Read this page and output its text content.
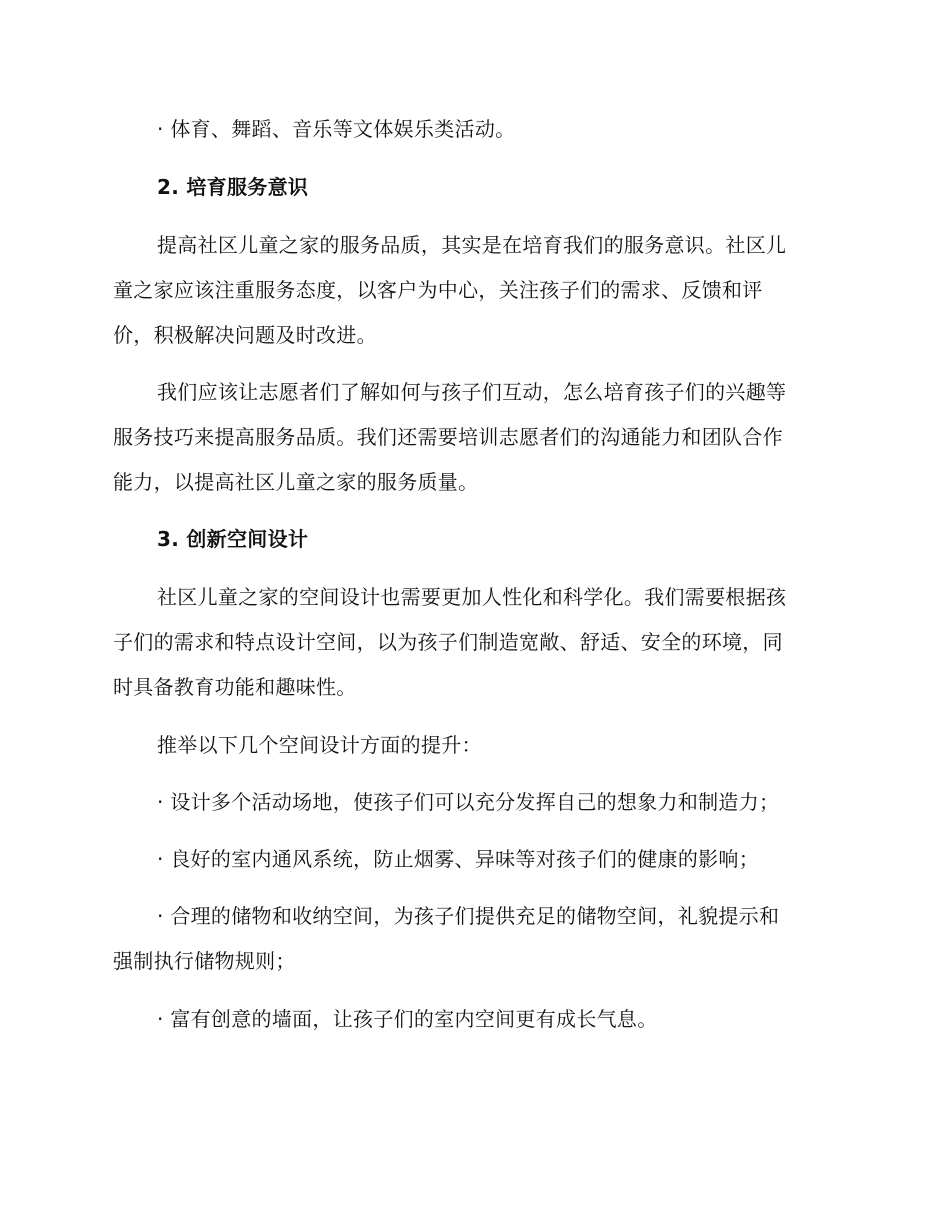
· 体育、舞蹈、音乐等文体娱乐类活动。
2. 培育服务意识
提高社区儿童之家的服务品质，其实是在培育我们的服务意识。社区儿
童之家应该注重服务态度，以客户为中心，关注孩子们的需求、反馈和评
价，积极解决问题及时改进。
我们应该让志愿者们了解如何与孩子们互动，怎么培育孩子们的兴趣等
服务技巧来提高服务品质。我们还需要培训志愿者们的沟通能力和团队合作
能力，以提高社区儿童之家的服务质量。
3. 创新空间设计
社区儿童之家的空间设计也需要更加人性化和科学化。我们需要根据孩
子们的需求和特点设计空间，以为孩子们制造宽敞、舒适、安全的环境，同
时具备教育功能和趣味性。
推举以下几个空间设计方面的提升：
· 设计多个活动场地，使孩子们可以充分发挥自己的想象力和制造力；
· 良好的室内通风系统，防止烟雾、异味等对孩子们的健康的影响；
· 合理的储物和收纳空间，为孩子们提供充足的储物空间，礼貌提示和
强制执行储物规则；
· 富有创意的墙面，让孩子们的室内空间更有成长气息。
